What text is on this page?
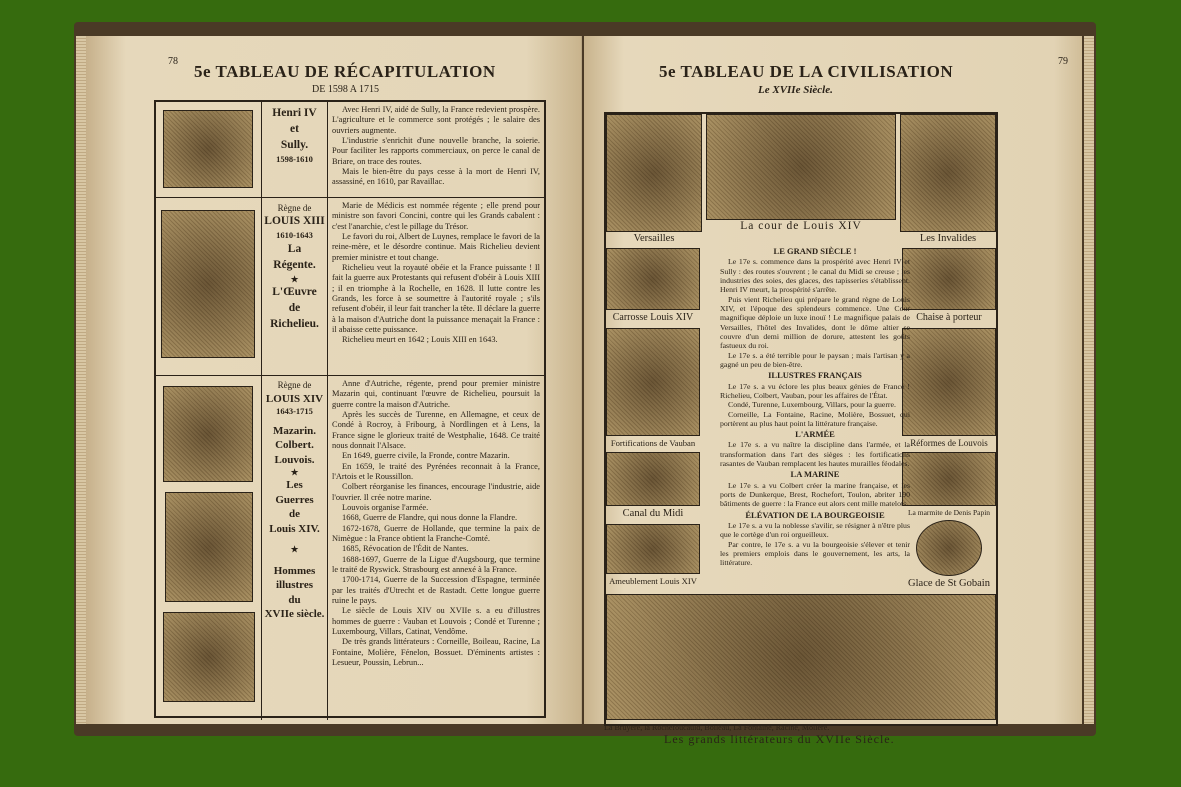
78
5e TABLEAU DE RÉCAPITULATION
DE 1598 A 1715
Henri IV
et
Sully.
1598-1610

Avec Henri IV, aidé de Sully, la France redevient prospère. L'agriculture et le commerce sont protégés ; le salaire des ouvriers augmente.

L'industrie s'enrichit d'une nouvelle branche, la soierie. Pour faciliter les rapports commerciaux, on perce le canal de Briare, on trace des routes.

Mais le bien-être du pays cesse à la mort de Henri IV, assassiné, en 1610, par Ravaillac.

Règne de
LOUIS XIII
1610-1643
La
Régente.
★
L'Œuvre
de
Richelieu.

Marie de Médicis est nommée régente ; elle prend pour ministre son favori Concini, contre qui les Grands cabalent : c'est l'anarchie, c'est le pillage du Trésor.

Le favori du roi, Albert de Luynes, remplace le favori de la reine-mère, et le désordre continue. Mais Richelieu devient premier ministre et tout change.

Richelieu veut la royauté obéie et la France puissante ! Il fait la guerre aux Protestants qui refusent d'obéir à Louis XIII ; il en triomphe à la Rochelle, en 1628. Il lutte contre les Grands, les force à se soumettre à l'autorité royale ; s'ils refusent d'obéir, il leur fait trancher la tête. Il déclare la guerre à la maison d'Autriche dont la puissance menaçait la France : il abaisse cette puissance.

Richelieu meurt en 1642 ; Louis XIII en 1643.

Règne de
LOUIS XIV
1643-1715
Mazarin.
Colbert.
Louvois.
★
Les
Guerres
de
Louis XIV.
★
Hommes
illustres
du
XVIIe siècle.

Anne d'Autriche, régente, prend pour premier ministre Mazarin qui, continuant l'œuvre de Richelieu, poursuit la guerre contre la maison d'Autriche.

Après les succès de Turenne, en Allemagne, et ceux de Condé à Rocroy, à Fribourg, à Nordlingen et à Lens, la France signe le glorieux traité de Westphalie, 1648. Ce traité nous donnait l'Alsace.

En 1649, guerre civile, la Fronde, contre Mazarin.

En 1659, le traité des Pyrénées reconnait à la France, l'Artois et le Roussillon.

Colbert réorganise les finances, encourage l'industrie, aide l'ouvrier. Il crée notre marine.

Louvois organise l'armée.

1668, Guerre de Flandre, qui nous donne la Flandre.

1672-1678, Guerre de Hollande, que termine la paix de Nimègue : la France obtient la Franche-Comté.

1685, Révocation de l'Édit de Nantes.

1688-1697, Guerre de la Ligue d'Augsbourg, que termine le traité de Ryswick. Strasbourg est annexé à la France.

1700-1714, Guerre de la Succession d'Espagne, terminée par les traités d'Utrecht et de Rastadt. Cette longue guerre ruine le pays.

Le siècle de Louis XIV ou XVIIe s. a eu d'illustres hommes de guerre : Vauban et Louvois ; Condé et Turenne ; Luxembourg, Villars, Catinat, Vendôme.

De très grands littérateurs : Corneille, Boileau, Racine, La Fontaine, Molière, Fénelon, Bossuet. D'éminents artistes : Lesueur, Poussin, Lebrun...

79
5e TABLEAU DE LA CIVILISATION
Le XVIIe Siècle.
La cour de Louis XIV
Versailles	Les Invalides
Carrosse Louis XIV
Fortifications de Vauban
Canal du Midi
Ameublement Louis XIV
Chaise à porteur
Réformes de Louvois
La marmite de Denis Papin
Glace de St Gobain
LE GRAND SIÈCLE !

Le 17e s. commence dans la prospérité avec Henri IV et Sully : des routes s'ouvrent ; le canal du Midi se creuse ; les industries des soies, des glaces, des tapisseries s'établissent. Henri IV meurt, la prospérité s'arrête.

Puis vient Richelieu qui prépare le grand règne de Louis XIV, et l'époque des splendeurs commence. Une Cour magnifique déploie un luxe inouï ! Le magnifique palais de Versailles, l'hôtel des Invalides, dont le dôme altier se couvre d'un demi million de dorure, attestent les goûts fastueux du roi.

Le 17e s. a été terrible pour le paysan ; mais l'artisan y a gagné un peu de bien-être.

ILLUSTRES FRANÇAIS

Le 17e s. a vu éclore les plus beaux génies de France ! Richelieu, Colbert, Vauban, pour les affaires de l'État.

Condé, Turenne, Luxembourg, Villars, pour la guerre.

Corneille, La Fontaine, Racine, Molière, Bossuet, qui portèrent au plus haut point la littérature française.

L'ARMÉE

Le 17e s. a vu naître la discipline dans l'armée, et la transformation dans l'art des sièges : les fortifications rasantes de Vauban remplacent les hautes murailles féodales.

LA MARINE

Le 17e s. a vu Colbert créer la marine française, et les ports de Dunkerque, Brest, Rochefort, Toulon, abriter 190 bâtiments de guerre : la France eut alors cent mille matelots.

ÉLÉVATION DE LA BOURGEOISIE

Le 17e s. a vu la noblesse s'avilir, se résigner à n'être plus que le cortège d'un roi orgueilleux.

Par contre, le 17e s. a vu la bourgeoisie s'élever et tenir les premiers emplois dans le gouvernement, les arts, la littérature.

La Bruyère, la Rochefoucauld, Boileau, La Fontaine, Racine, Molière.
Les grands littérateurs du XVIIe Siècle.
